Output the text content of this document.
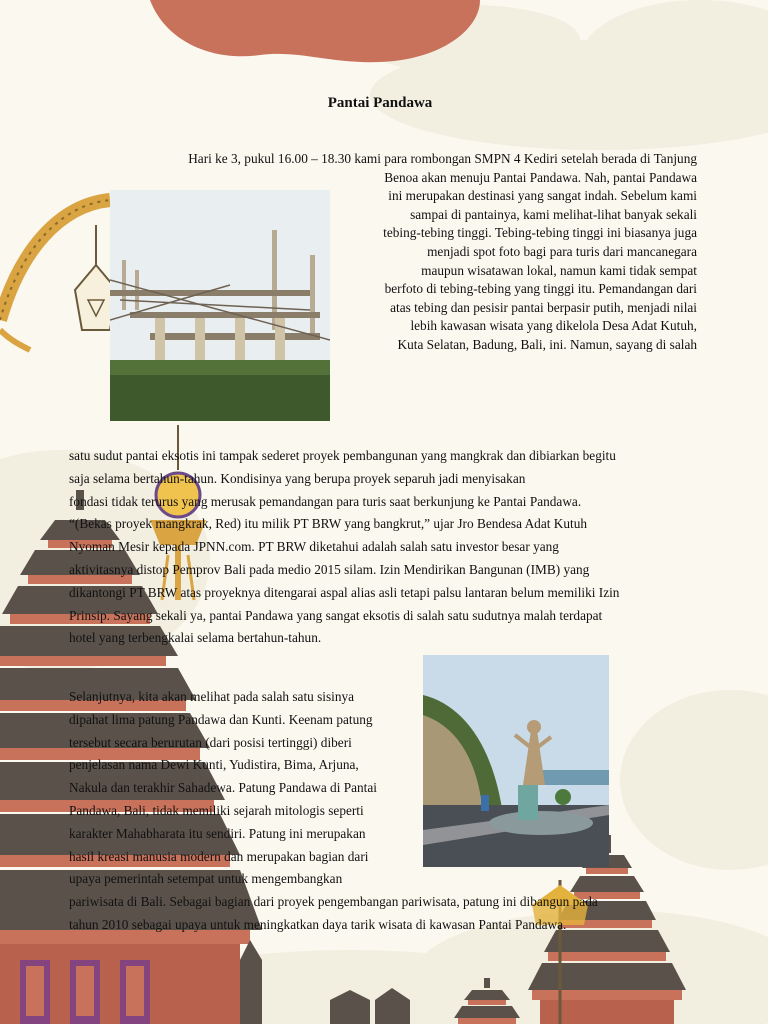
Pantai Pandawa
Hari ke 3, pukul 16.00 – 18.30 kami para rombongan SMPN 4 Kediri setelah berada di Tanjung
Benoa akan menuju Pantai Pandawa. Nah, pantai Pandawa
ini merupakan destinasi yang sangat indah. Sebelum kami
sampai di pantainya, kami melihat-lihat banyak sekali
tebing-tebing tinggi. Tebing-tebing tinggi ini biasanya juga
menjadi spot foto bagi para turis dari mancanegara
maupun wisatawan lokal, namun kami tidak sempat
berfoto di tebing-tebing yang tinggi itu. Pemandangan dari
atas tebing dan pesisir pantai berpasir putih, menjadi nilai
lebih kawasan wisata yang dikelola Desa Adat Kutuh,
Kuta Selatan, Badung, Bali, ini. Namun, sayang di salah
satu sudut pantai eksotis ini tampak sederet proyek pembangunan yang mangkrak dan dibiarkan begitu
saja selama bertahun-tahun. Kondisinya yang berupa proyek separuh jadi menyisakan
fondasi tidak terurus yang merusak pemandangan para turis saat berkunjung ke Pantai Pandawa.
“(Bekas proyek mangkrak, Red) itu milik PT BRW yang bangkrut,” ujar Jro Bendesa Adat Kutuh
Nyoman Mesir kepada JPNN.com. PT BRW diketahui adalah salah satu investor besar yang
aktivitasnya distop Pemprov Bali pada medio 2015 silam. Izin Mendirikan Bangunan (IMB) yang
dikantongi PT BRW atas proyeknya ditengarai aspal alias asli tetapi palsu lantaran belum memiliki Izin
Prinsip. Sayang sekali ya, pantai Pandawa yang sangat eksotis di salah satu sudutnya malah terdapat
hotel yang terbengkalai selama bertahun-tahun.
Selanjutnya, kita akan melihat pada salah satu sisinya
dipahat lima patung Pandawa dan Kunti. Keenam patung
tersebut secara berurutan (dari posisi tertinggi) diberi
penjelasan nama Dewi Kunti, Yudistira, Bima, Arjuna,
Nakula dan terakhir Sahadewa. Patung Pandawa di Pantai
Pandawa, Bali, tidak memiliki sejarah mitologis seperti
karakter Mahabharata itu sendiri. Patung ini merupakan
hasil kreasi manusia modern dan merupakan bagian dari
upaya pemerintah setempat untuk mengembangkan
pariwisata di Bali. Sebagai bagian dari proyek pengembangan pariwisata, patung ini dibangun pada
tahun 2010 sebagai upaya untuk meningkatkan daya tarik wisata di kawasan Pantai Pandawa.
